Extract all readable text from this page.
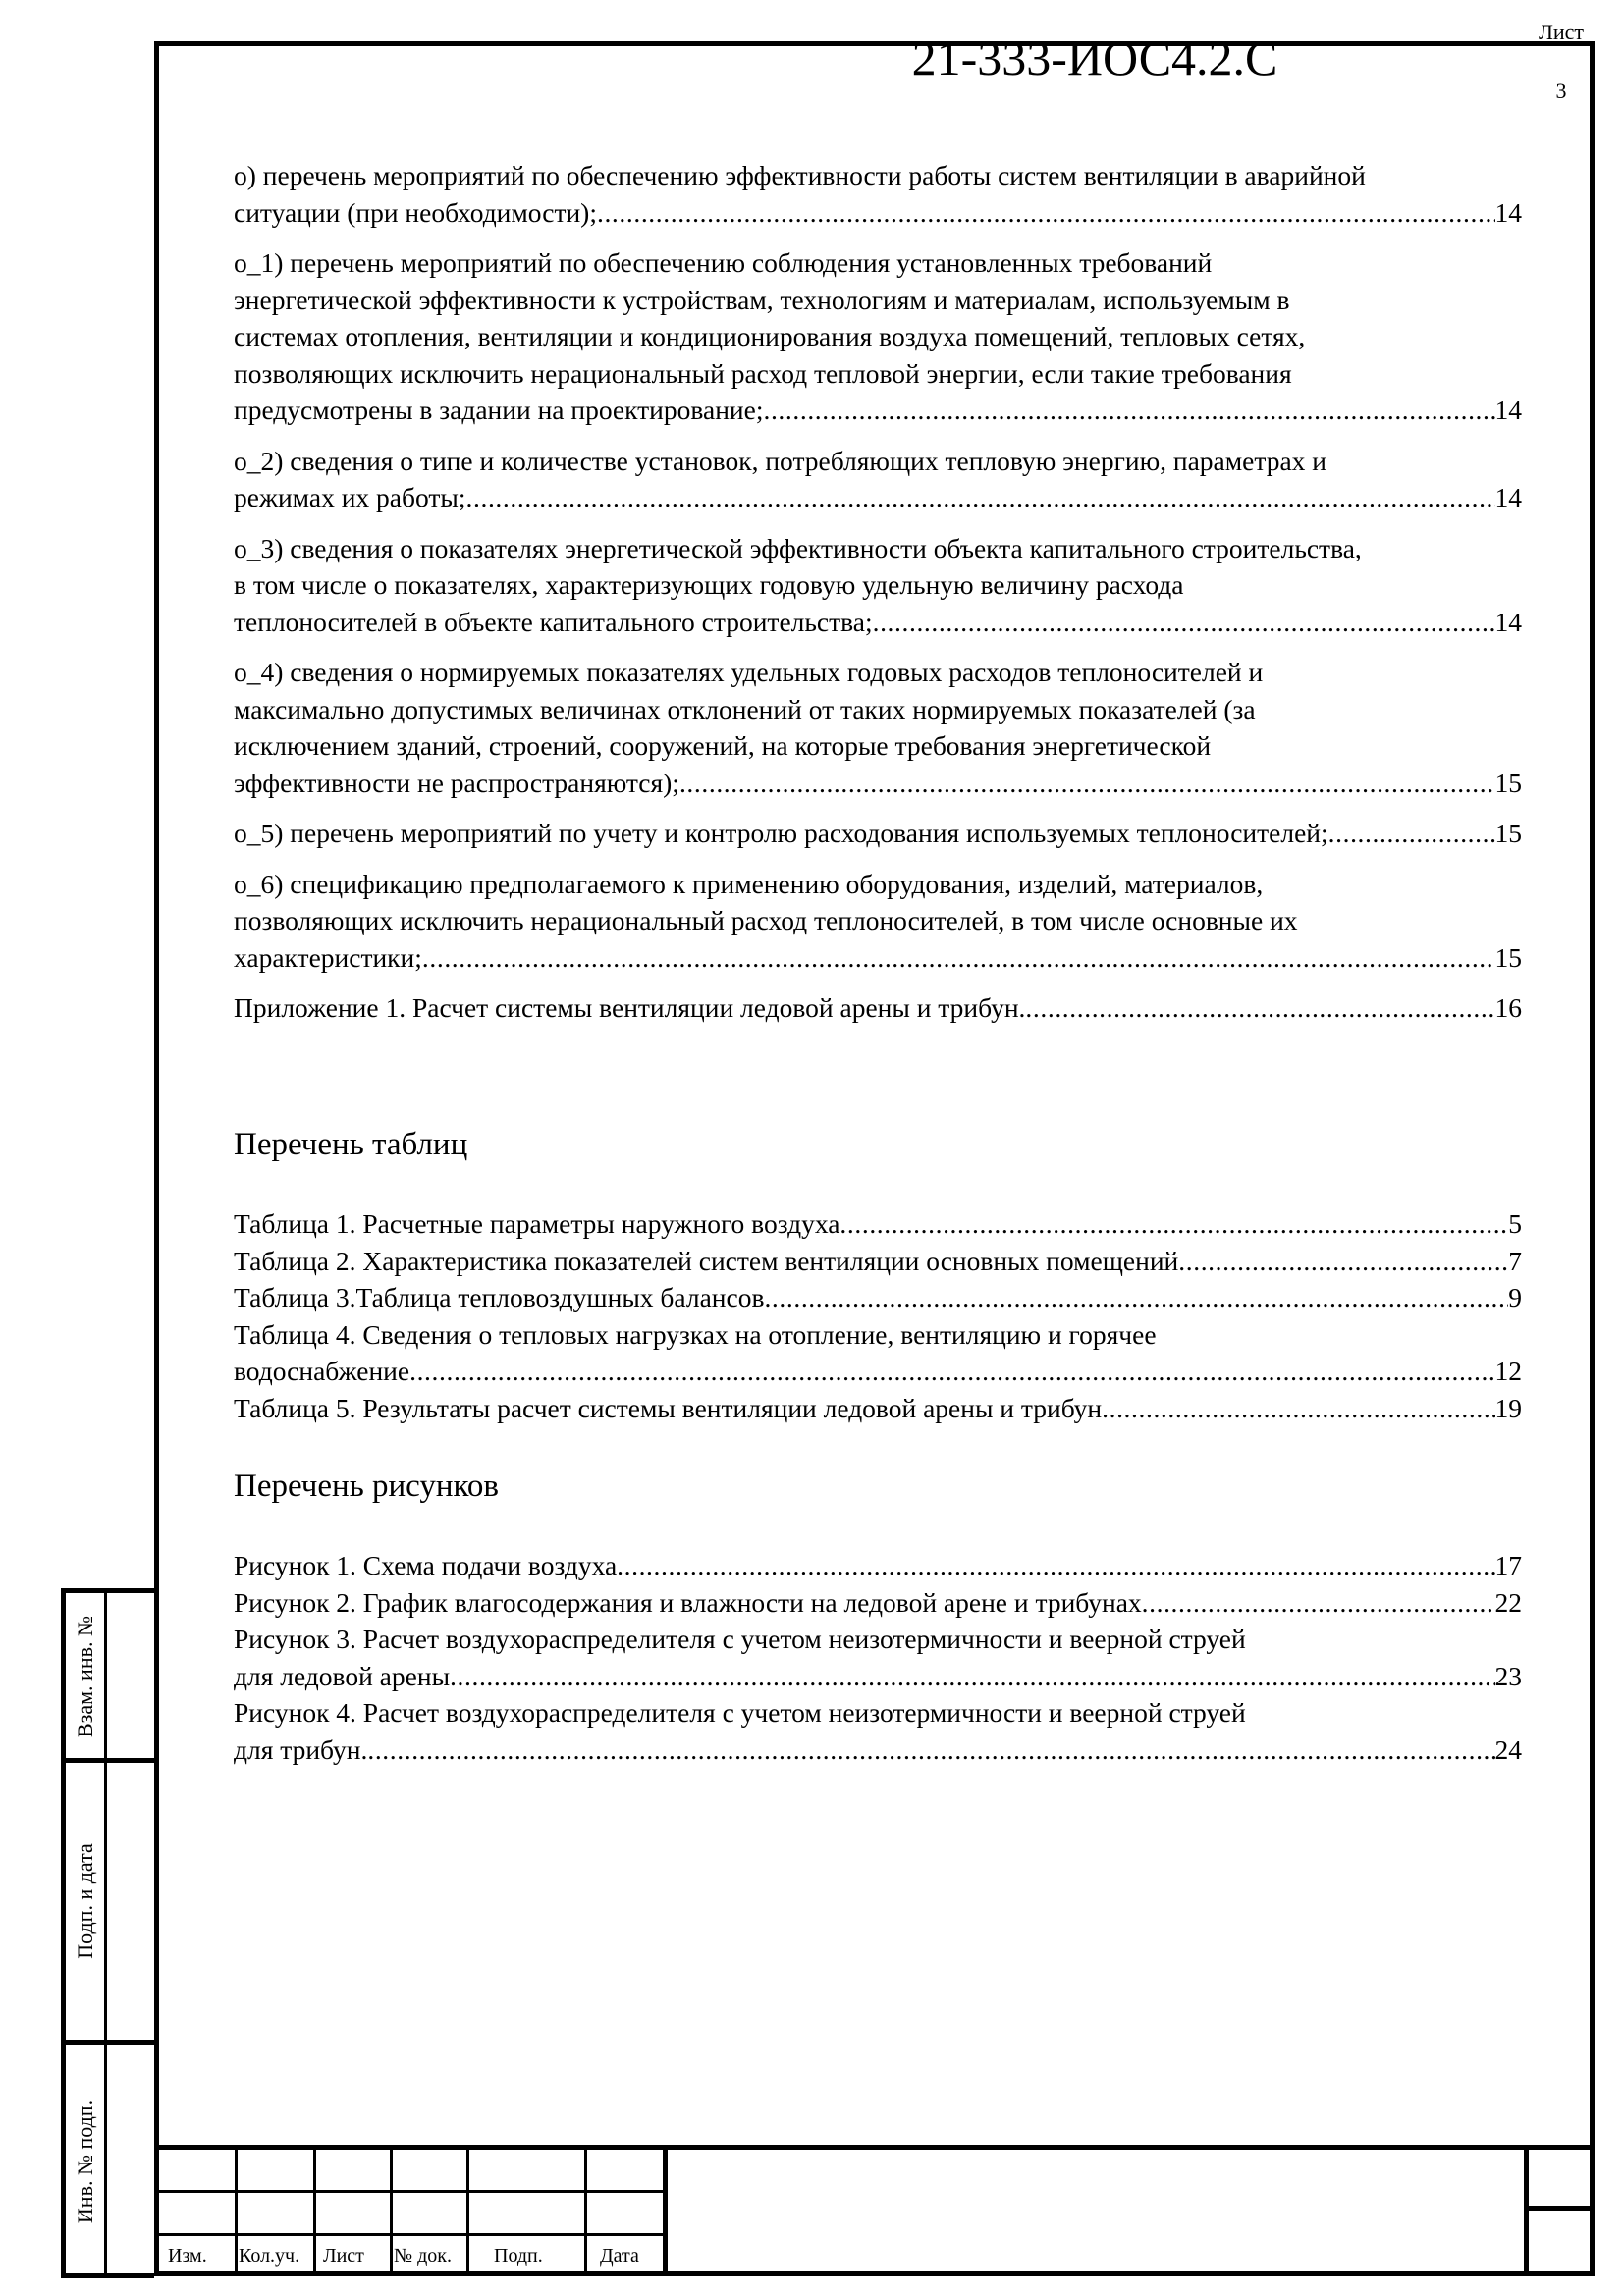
Взам. инв. №
Подп. и дата
Инв. № подп.
о) перечень мероприятий по обеспечению эффективности работы систем вентиляции в аварийной
ситуации (при необходимости); .....	14
о_1) перечень мероприятий по обеспечению соблюдения установленных требований
энергетической эффективности к устройствам, технологиям и материалам, используемым в
системах отопления, вентиляции и кондиционирования воздуха помещений, тепловых сетях,
позволяющих исключить нерациональный расход тепловой энергии, если такие требования
предусмотрены в задании на проектирование; .....	14
о_2) сведения о типе и количестве установок, потребляющих тепловую энергию, параметрах и
режимах их работы; .....	14
о_3) сведения о показателях энергетической эффективности объекта капитального строительства,
в том числе о показателях, характеризующих годовую удельную величину расхода
теплоносителей в объекте капитального строительства; .....	14
о_4) сведения о нормируемых показателях удельных годовых расходов теплоносителей и
максимально допустимых величинах отклонений от таких нормируемых показателей (за
исключением зданий, строений, сооружений, на которые требования энергетической
эффективности не распространяются); .....	15
о_5) перечень мероприятий по учету и контролю расходования используемых теплоносителей; .....	15
о_6) спецификацию предполагаемого к применению оборудования, изделий, материалов,
позволяющих исключить нерациональный расход теплоносителей, в том числе основные их
характеристики; .....	15
Приложение 1. Расчет системы вентиляции ледовой арены и трибун. .....	16
Перечень таблиц
Таблица 1. Расчетные параметры наружного воздуха .....	5
Таблица 2. Характеристика показателей систем вентиляции основных помещений .....	7
Таблица 3.Таблица тепловоздушных балансов .....	9
Таблица 4. Сведения о тепловых нагрузках на отопление, вентиляцию и горячее
водоснабжение .....	12
Таблица 5. Результаты расчет системы вентиляции ледовой арены и трибун .....	19
Перечень рисунков
Рисунок 1. Схема подачи воздуха .....	17
Рисунок 2. График влагосодержания и влажности на ледовой арене и трибунах .....	22
Рисунок 3. Расчет воздухораспределителя с учетом неизотермичности и веерной струей
для ледовой арены .....	23
Рисунок 4. Расчет воздухораспределителя с учетом неизотермичности и веерной струей
для трибун. .....	24
Изм. Кол.уч. Лист № док. Подп.	Дата
21-333-ИОС4.2.С	Лист
3
